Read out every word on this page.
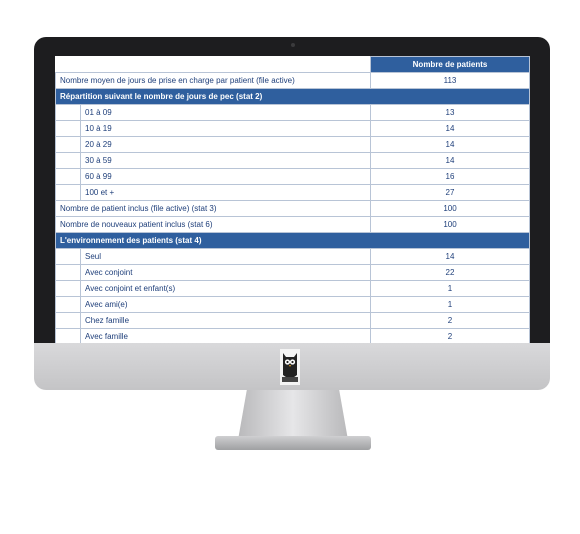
		Nombre de patients
Nombre moyen de jours de prise en charge par patient (file active)		113
Répartition suivant le nombre de jours de pec (stat 2)		
	01 à 09	13
	10 à 19	14
	20 à 29	14
	30 à 59	14
	60 à 99	16
	100 et +	27
Nombre de patient inclus (file active) (stat 3)		100
Nombre de nouveaux patient inclus (stat 6)		100
L'environnement des patients (stat 4)		
	Seul	14
	Avec conjoint	22
	Avec conjoint et enfant(s)	1
	Avec ami(e)	1
	Chez famille	2
	Avec famille	2
